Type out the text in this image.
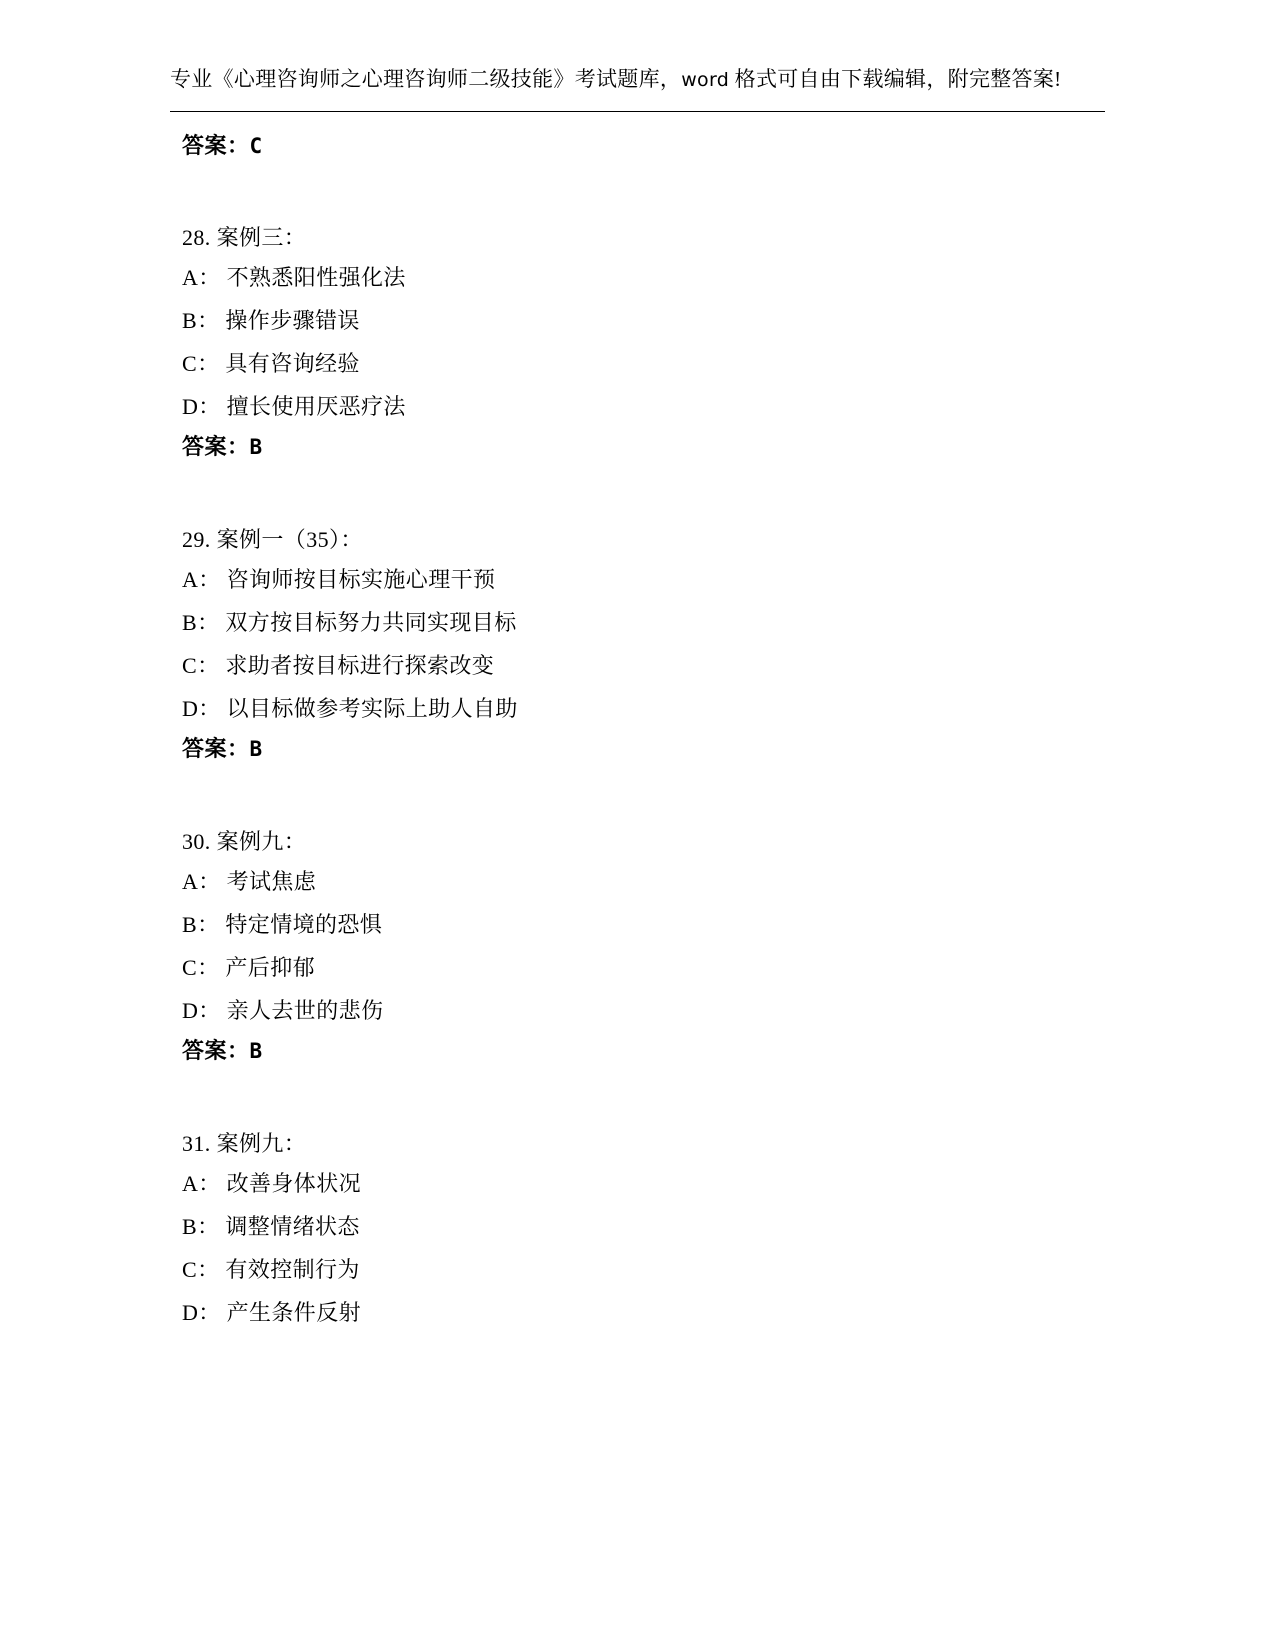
专业《心理咨询师之心理咨询师二级技能》考试题库，word 格式可自由下载编辑，附完整答案!

答案：C
28. 案例三：
A： 不熟悉阳性强化法
B： 操作步骤错误
C： 具有咨询经验
D： 擅长使用厌恶疗法
答案：B
29. 案例一（35）：
A： 咨询师按目标实施心理干预
B： 双方按目标努力共同实现目标
C： 求助者按目标进行探索改变
D： 以目标做参考实际上助人自助
答案：B
30. 案例九：
A： 考试焦虑
B： 特定情境的恐惧
C： 产后抑郁
D： 亲人去世的悲伤
答案：B
31. 案例九：
A： 改善身体状况
B： 调整情绪状态
C： 有效控制行为
D： 产生条件反射
